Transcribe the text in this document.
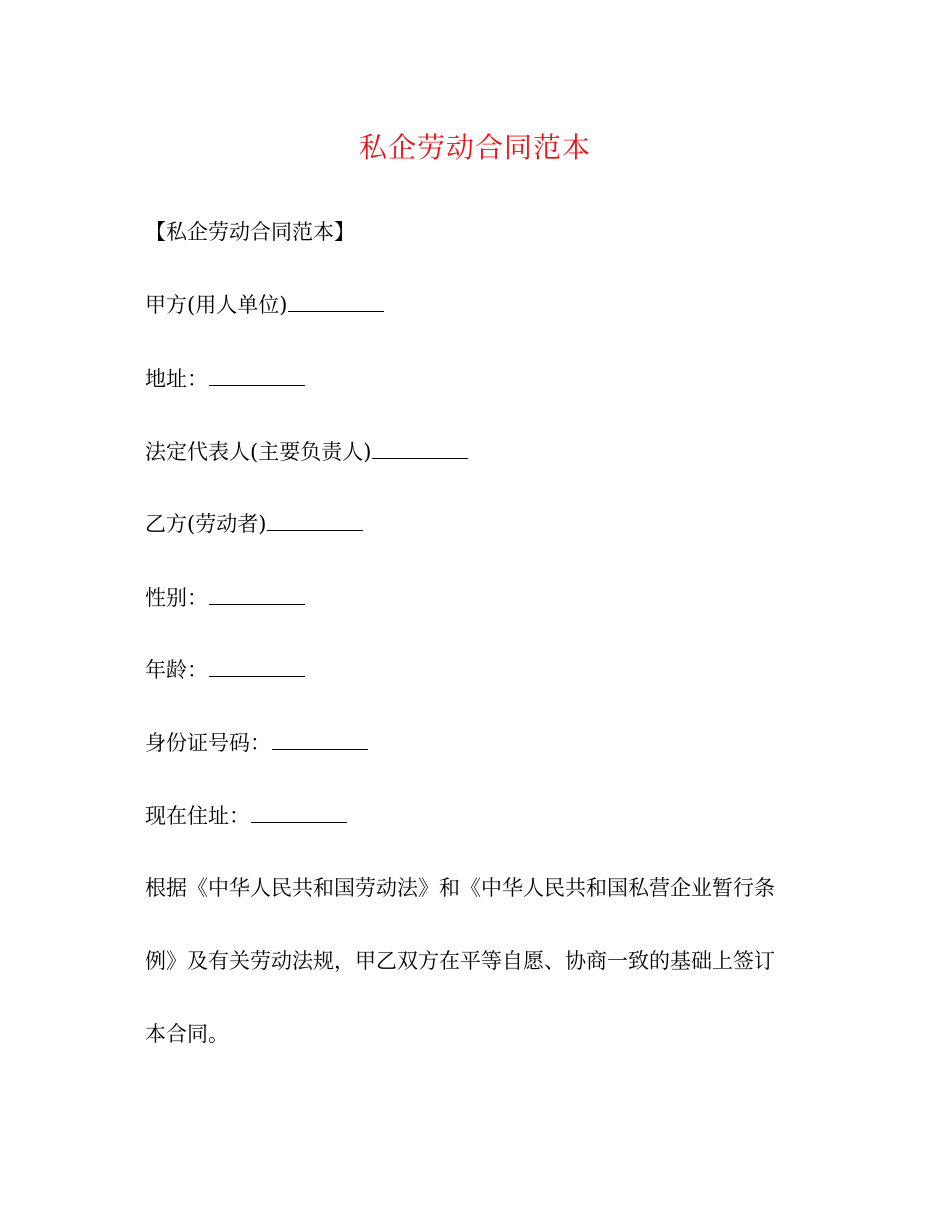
私企劳动合同范本
【私企劳动合同范本】
甲方(用人单位)
地址：
法定代表人(主要负责人)
乙方(劳动者)
性别：
年龄：
身份证号码：
现在住址：
根据《中华人民共和国劳动法》和《中华人民共和国私营企业暂行条
例》及有关劳动法规，甲乙双方在平等自愿、协商一致的基础上签订
本合同。
